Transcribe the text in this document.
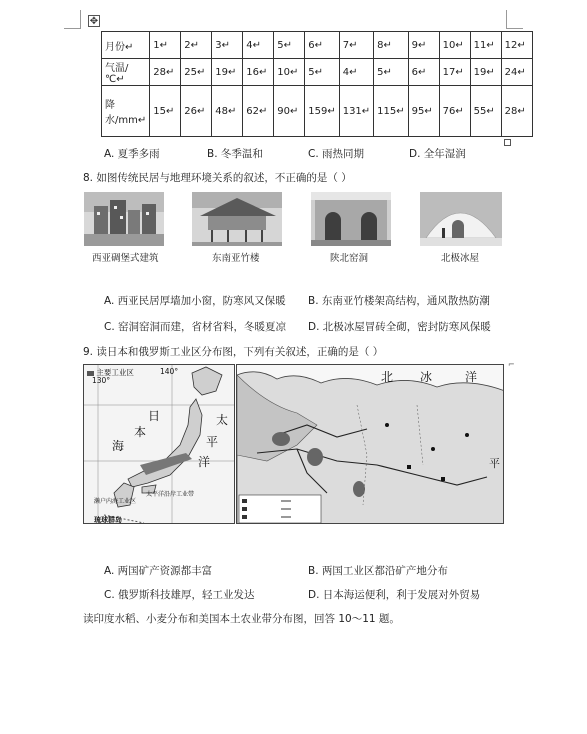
✥
月份↵	1↵	2↵	3↵	4↵	5↵	6↵	7↵	8↵	9↵	10↵	11↵	12↵
气温/℃↵	28↵	25↵	19↵	16↵	10↵	5↵	4↵	5↵	6↵	17↵	19↵	24↵
降水/mm↵	15↵	26↵	48↵	62↵	90↵	159↵	131↵	115↵	95↵	76↵	55↵	28↵
A. 夏季多雨	B. 冬季温和	C. 雨热同期	D. 全年湿润
8. 如图传统民居与地理环境关系的叙述，不正确的是（ ）
西亚碉堡式建筑	东南亚竹楼	陕北窑洞	北极冰屋
A. 西亚民居厚墙加小窗，防寒风又保暖 B. 东南亚竹楼架高结构，通风散热防潮
C. 窑洞窑洞而建，省材省料，冬暖夏凉 D. 北极冰屋冒砖全砌，密封防寒风保暖
9. 读日本和俄罗斯工业区分布图，下列有关叙述，正确的是（ ）
主要工业区
130°
140°
本
日	太
海	平
洋
太平洋沿岸工业带
濑户内海工业区
琉球群岛
北 冰	洋
平
⌐
A. 两国矿产资源都丰富	B. 两国工业区都沿矿产地分布
C. 俄罗斯科技雄厚，轻工业发达	D. 日本海运便利，利于发展对外贸易
读印度水稻、小麦分布和美国本土农业带分布图，回答 10～11 题。
